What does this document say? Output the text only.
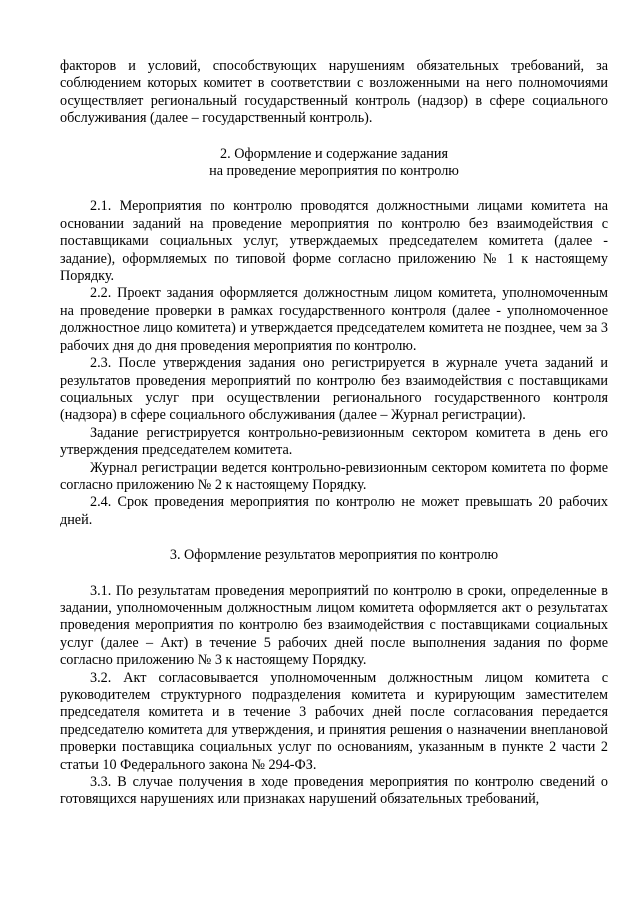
факторов и условий, способствующих нарушениям обязательных требований, за соблюдением которых комитет в соответствии с возложенными на него полномочиями осуществляет региональный государственный контроль (надзор) в сфере социального обслуживания (далее – государственный контроль).

2. Оформление и содержание задания

на проведение мероприятия по контролю

2.1. Мероприятия по контролю проводятся должностными лицами комитета на основании заданий на проведение мероприятия по контролю без взаимодействия с поставщиками социальных услуг, утверждаемых председателем комитета (далее - задание), оформляемых по типовой форме согласно приложению № 1 к настоящему Порядку.

2.2. Проект задания оформляется должностным лицом комитета, уполномоченным на проведение проверки в рамках государственного контроля (далее - уполномоченное должностное лицо комитета) и утверждается председателем комитета не позднее, чем за 3 рабочих дня до дня проведения мероприятия по контролю.

2.3. После утверждения задания оно регистрируется в журнале учета заданий и результатов проведения мероприятий по контролю без взаимодействия с поставщиками социальных услуг при осуществлении регионального государственного контроля (надзора) в сфере социального обслуживания (далее – Журнал регистрации).

Задание регистрируется контрольно-ревизионным сектором комитета в день его утверждения председателем комитета.

Журнал регистрации ведется контрольно-ревизионным сектором комитета по форме согласно приложению № 2 к настоящему Порядку.

2.4. Срок проведения мероприятия по контролю не может превышать 20 рабочих дней.

3. Оформление результатов мероприятия по контролю

3.1. По результатам проведения мероприятий по контролю в сроки, определенные в задании, уполномоченным должностным лицом комитета оформляется акт о результатах проведения мероприятия по контролю без взаимодействия с поставщиками социальных услуг (далее – Акт) в течение 5 рабочих дней после выполнения задания по форме согласно приложению № 3 к настоящему Порядку.

3.2. Акт согласовывается уполномоченным должностным лицом комитета с руководителем структурного подразделения комитета и курирующим заместителем председателя комитета и в течение 3 рабочих дней после согласования передается председателю комитета для утверждения, и принятия решения о назначении внеплановой проверки поставщика социальных услуг по основаниям, указанным в пункте 2 части 2 статьи 10 Федерального закона № 294-ФЗ.

3.3. В случае получения в ходе проведения мероприятия по контролю сведений о готовящихся нарушениях или признаках нарушений обязательных требований,
